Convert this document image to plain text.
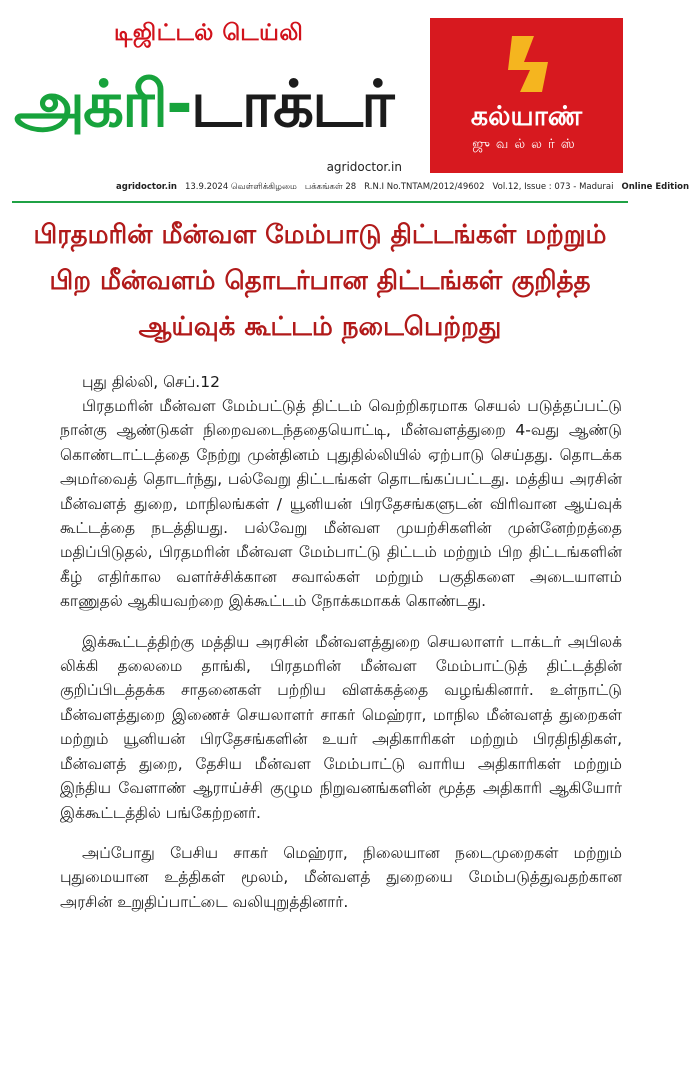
டிஜிட்டல் டெய்லி
அக்ரி-டாக்டர்
agridoctor.in
கல்யாண்
ஜுவல்லர்ஸ்
agridoctor.in 13.9.2024 வெள்ளிக்கிழமை பக்கங்கள் 28 R.N.I No.TNTAM/2012/49602 Vol.12, Issue : 073 - Madurai Online Edition
பிரதமரின் மீன்வள மேம்பாடு திட்டங்கள் மற்றும்
பிற மீன்வளம் தொடர்பான திட்டங்கள் குறித்த
ஆய்வுக் கூட்டம் நடைபெற்றது
புது தில்லி, செப்.12

பிரதமரின் மீன்வள மேம்பட்டுத் திட்டம் வெற்றிகரமாக செயல் படுத்தப்பட்டு நான்கு ஆண்டுகள் நிறைவடைந்ததையொட்டி, மீன்வளத்துறை 4-வது ஆண்டு கொண்டாட்டத்தை நேற்று முன்தினம் புதுதில்லியில் ஏற்பாடு செய்தது. தொடக்க அமர்வைத் தொடர்ந்து, பல்வேறு திட்டங்கள் தொடங்கப்பட்டது. மத்திய அரசின் மீன்வளத் துறை, மாநிலங்கள் / யூனியன் பிரதேசங்களுடன் விரிவான ஆய்வுக் கூட்டத்தை நடத்தியது. பல்வேறு மீன்வள முயற்சிகளின் முன்னேற்றத்தை மதிப்பிடுதல், பிரதமரின் மீன்வள மேம்பாட்டு திட்டம் மற்றும் பிற திட்டங்களின் கீழ் எதிர்கால வளர்ச்சிக்கான சவால்கள் மற்றும் பகுதிகளை அடையாளம் காணுதல் ஆகியவற்றை இக்கூட்டம் நோக்கமாகக் கொண்டது.

இக்கூட்டத்திற்கு மத்திய அரசின் மீன்வளத்துறை செயலாளர் டாக்டர் அபிலக் லிக்கி தலைமை தாங்கி, பிரதமரின் மீன்வள மேம்பாட்டுத் திட்டத்தின் குறிப்பிடத்தக்க சாதனைகள் பற்றிய விளக்கத்தை வழங்கினார். உள்நாட்டு மீன்வளத்துறை இணைச் செயலாளர் சாகர் மெஹ்ரா, மாநில மீன்வளத் துறைகள் மற்றும் யூனியன் பிரதேசங்களின் உயர் அதிகாரிகள் மற்றும் பிரதிநிதிகள், மீன்வளத் துறை, தேசிய மீன்வள மேம்பாட்டு வாரிய அதிகாரிகள் மற்றும் இந்திய வேளாண் ஆராய்ச்சி குழும நிறுவனங்களின் மூத்த அதிகாரி ஆகியோர் இக்கூட்டத்தில் பங்கேற்றனர்.

அப்போது பேசிய சாகர் மெஹ்ரா, நிலையான நடைமுறைகள் மற்றும் புதுமையான உத்திகள் மூலம், மீன்வளத் துறையை மேம்படுத்துவதற்கான அரசின் உறுதிப்பாட்டை வலியுறுத்தினார்.
